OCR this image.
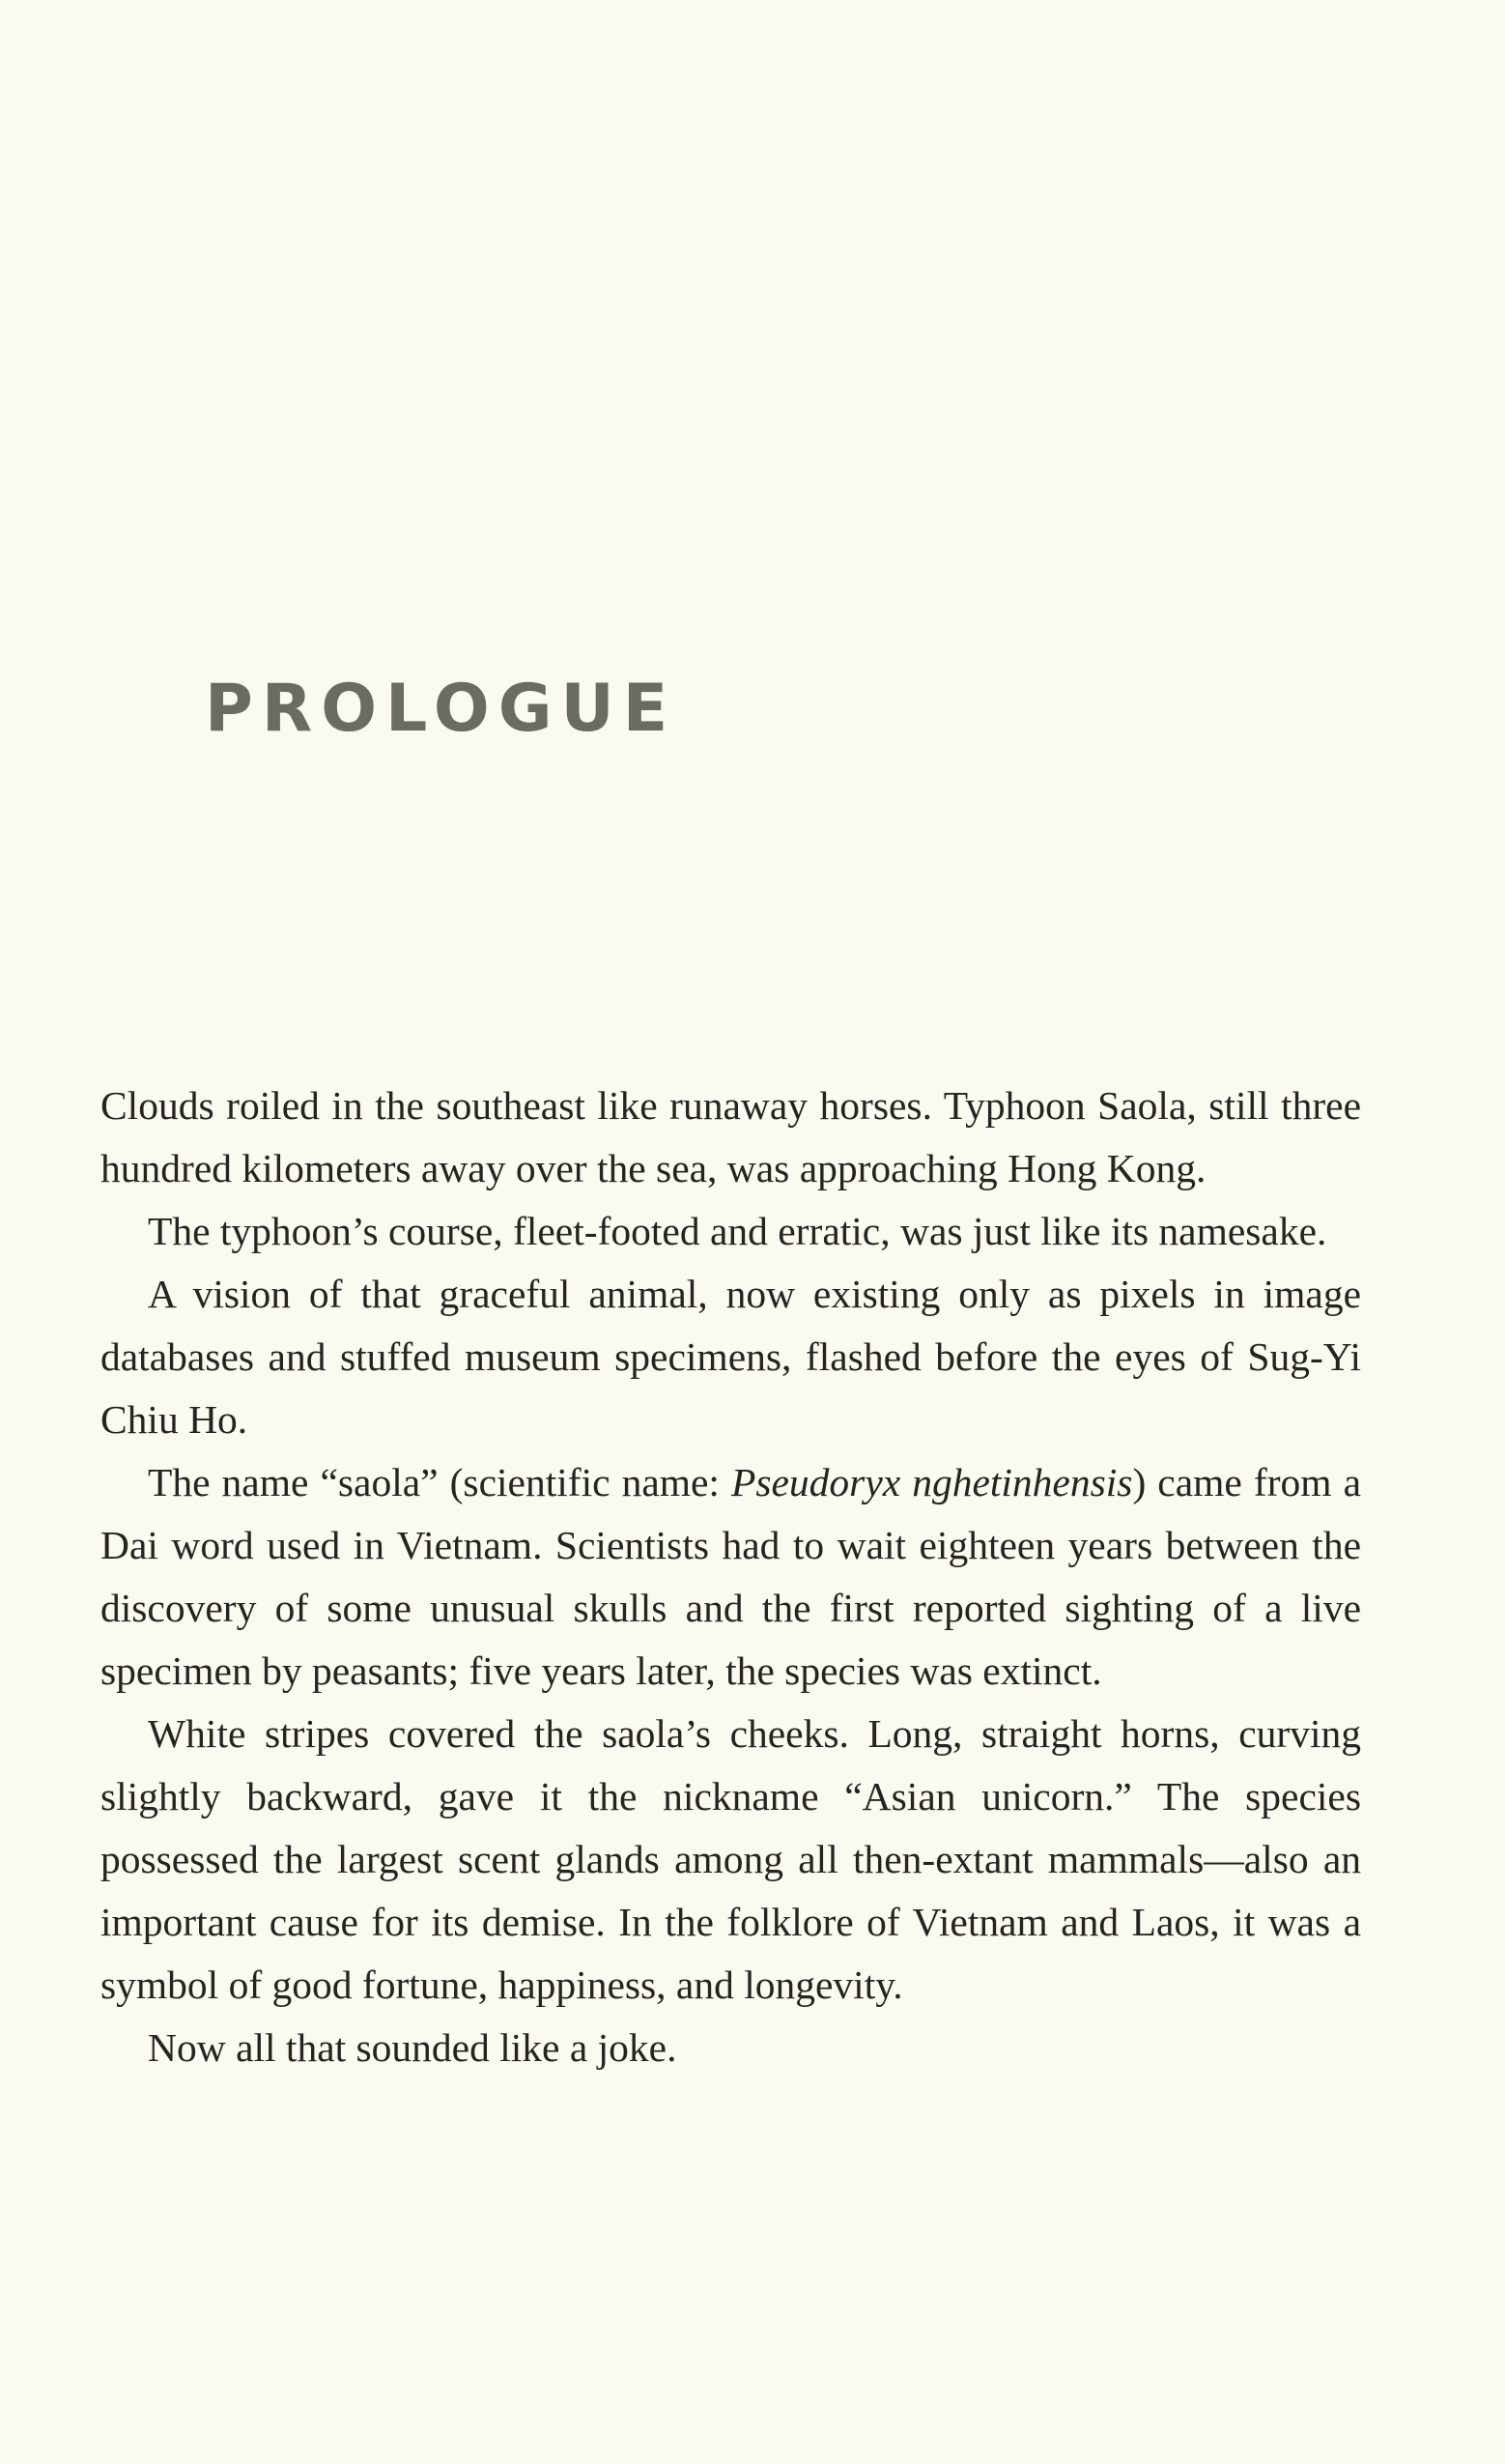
PROLOGUE

Clouds roiled in the southeast like runaway horses. Typhoon Saola, still three hundred kilometers away over the sea, was approaching Hong Kong.

The typhoon’s course, fleet-footed and erratic, was just like its namesake.

A vision of that graceful animal, now existing only as pixels in image databases and stuffed museum specimens, flashed before the eyes of Sug-Yi Chiu Ho.

The name “saola” (scientific name: Pseudoryx nghetinhensis) came from a Dai word used in Vietnam. Scientists had to wait eighteen years between the discovery of some unusual skulls and the first reported sighting of a live specimen by peasants; five years later, the species was extinct.

White stripes covered the saola’s cheeks. Long, straight horns, curving slightly backward, gave it the nickname “Asian unicorn.” The species possessed the largest scent glands among all then-extant mammals—also an important cause for its demise. In the folklore of Vietnam and Laos, it was a symbol of good fortune, happiness, and longevity.

Now all that sounded like a joke.
